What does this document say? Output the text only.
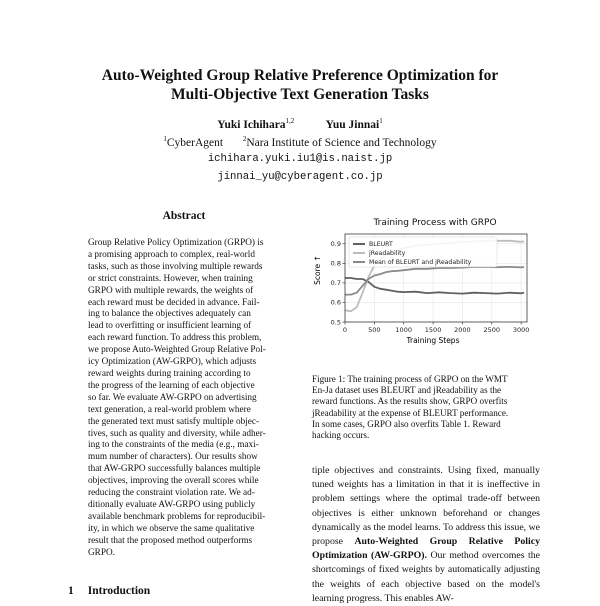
Auto-Weighted Group Relative Preference Optimization for
Multi-Objective Text Generation Tasks
Yuki Ichihara$^{1,2}$	Yuu Jinnai$^1$
$^1$CyberAgent	$^2$Nara Institute of Science and Technology
ichihara.yuki.iu1@is.naist.jp
jinnai_yu@cyberagent.co.jp
Abstract
Group Relative Policy Optimization (GRPO) is
a promising approach to complex, real-world
tasks, such as those involving multiple rewards
or strict constraints. However, when training
GRPO with multiple rewards, the weights of
each reward must be decided in advance. Fail-
ing to balance the objectives adequately can
lead to overfitting or insufficient learning of
each reward function. To address this problem,
we propose Auto-Weighted Group Relative Pol-
icy Optimization (AW-GRPO), which adjusts
reward weights during training according to
the progress of the learning of each objective
so far. We evaluate AW-GRPO on advertising
text generation, a real-world problem where
the generated text must satisfy multiple objec-
tives, such as quality and diversity, while adher-
ing to the constraints of the media (e.g., maxi-
mum number of characters). Our results show
that AW-GRPO successfully balances multiple
objectives, improving the overall scores while
reducing the constraint violation rate. We ad-
ditionally evaluate AW-GRPO using publicly
available benchmark problems for reproducibil-
ity, in which we observe the same qualitative
result that the proposed method outperforms
GRPO.
1 Introduction
Training Process with GRPO
0	500 1000 1500 2000 2500 3000
0.5
0.6
0.7
0.8
0.9	BLEURT
jReadability
Mean of BLEURT and jReadability
Score ↑
Training Steps
Figure 1: The training process of GRPO on the WMT
En-Ja dataset uses BLEURT and jReadability as the
reward functions. As the results show, GRPO overfits
jReadability at the expense of BLEURT performance.
In some cases, GRPO also overfits Table 1. Reward
hacking occurs.
tiple objectives and constraints. Using fixed, manually tuned weights has a limitation in that it is ineffective in problem settings where the optimal trade-off between objectives is either unknown beforehand or changes dynamically as the model learns. To address this issue, we propose Auto-Weighted Group Relative Policy Optimization (AW-GRPO). Our method overcomes the shortcomings of fixed weights by automatically adjusting the weights of each objective based on the model's learning progress. This enables AW-
